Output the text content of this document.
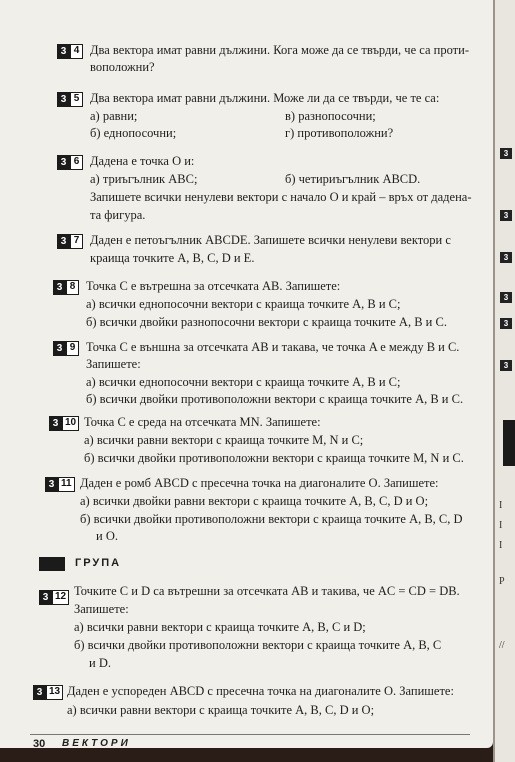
3 4 Два вектора имат равни дължини. Кога може да се твърди, че са проти-
воположни?
3 5 Два вектора имат равни дължини. Може ли да се твърди, че те са:
а) равни;	в) разнопосочни;
б) еднопосочни;	г) противоположни?
3 6 Дадена е точка O и:
а) триъгълник ABC;	б) четириъгълник ABCD.
Запишете всички ненулеви вектори с начало O и край – връх от дадена-
та фигура.
3 7 Даден е петоъгълник ABCDE. Запишете всички ненулеви вектори с
краища точките A, B, C, D и E.
3 8 Точка C е вътрешна за отсечката AB. Запишете:
а) всички еднопосочни вектори с краища точките A, B и C;
б) всички двойки разнопосочни вектори с краища точките A, B и C.
3 9 Точка C е външна за отсечката AB и такава, че точка A е между B и C.
Запишете:
а) всички еднопосочни вектори с краища точките A, B и C;
б) всички двойки противоположни вектори с краища точките A, B и C.
3 10 Точка C е среда на отсечката MN. Запишете:
а) всички равни вектори с краища точките M, N и C;
б) всички двойки противоположни вектори с краища точките M, N и C.
3 11 Даден е ромб ABCD с пресечна точка на диагоналите O. Запишете:
а) всички двойки равни вектори с краища точките A, B, C, D и O;
б) всички двойки противоположни вектори с краища точките A, B, C, D
и O.
ГРУПА
3 12 Точките C и D са вътрешни за отсечката AB и такива, че AC = CD = DB.
Запишете:
а) всички равни вектори с краища точките A, B, C и D;
б) всички двойки противоположни вектори с краища точките A, B, C
и D.
3 13 Даден е успореден ABCD с пресечна точка на диагоналите O. Запишете:
а) всички равни вектори с краища точките A, B, C, D и O;
30 ВЕКТОРИ
3
3
3
3
3
3
I
I
I
P
//
